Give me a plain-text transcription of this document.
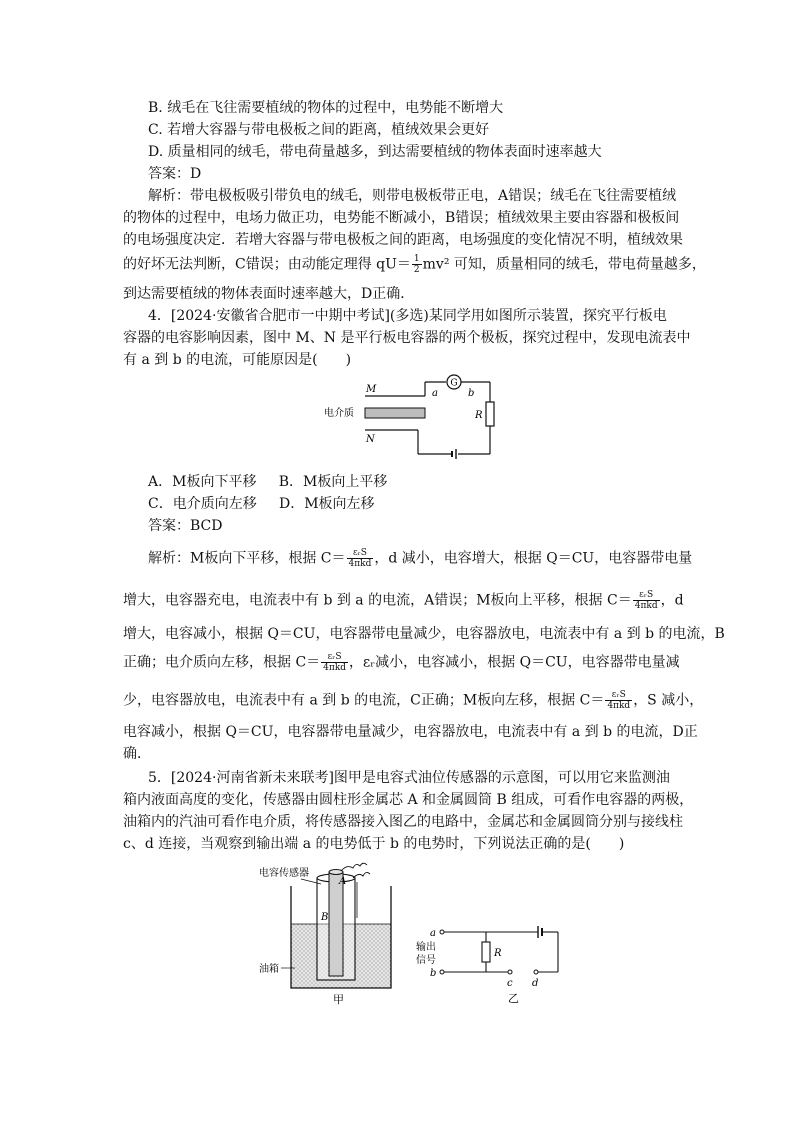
B. 绒毛在飞往需要植绒的物体的过程中，电势能不断增大
C. 若增大容器与带电极板之间的距离，植绒效果会更好
D. 质量相同的绒毛，带电荷量越多，到达需要植绒的物体表面时速率越大
答案：D
解析：带电极板吸引带负电的绒毛，则带电极板带正电，A错误；绒毛在飞往需要植绒
的物体的过程中，电场力做正功，电势能不断减小，B错误；植绒效果主要由容器和极板间
的电场强度决定．若增大容器与带电极板之间的距离，电场强度的变化情况不明，植绒效果
的好坏无法判断，C错误；由动能定理得 $qU= \frac{1}{2} mv^2$ 可知，质量相同的绒毛，带电荷量越多，
到达需要植绒的物体表面时速率越大，D正确．
4．[2024·安徽省合肥市一中期中考试](多选)某同学用如图所示装置，探究平行板电
容器的电容影响因素，图中 M、N 是平行板电容器的两个极板，探究过程中，发现电流表中
有 a 到 b 的电流，可能原因是(　　)
G
R
电介质
M
N
a	b
A．M板向下平移 B．M板向上平移
C．电介质向左移 D．M板向左移
答案：BCD
解析：M板向下平移，根据 $C= \frac{\text{εᵣS}}{\text{4πkd}}$ ，d 减小，电容增大，根据 Q＝CU，电容器带电量
增大，电容器充电，电流表中有 b 到 a 的电流，A错误；M板向上平移，根据 $C= \frac{\text{εᵣS}}{\text{4πkd}}$ ，d
增大，电容减小，根据 Q＝CU，电容器带电量减少，电容器放电，电流表中有 a 到 b 的电流，B
正确；电介质向左移，根据 $C= \frac{\text{εᵣS}}{\text{4πkd}}$ ，εᵣ减小，电容减小，根据 Q＝CU，电容器带电量减
少，电容器放电，电流表中有 a 到 b 的电流，C正确；M板向左移，根据 $C= \frac{\text{εᵣS}}{\text{4πkd}}$ ，S 减小，
电容减小，根据 Q＝CU，电容器带电量减少，电容器放电，电流表中有 a 到 b 的电流，D正
确．
5．[2024·河南省新未来联考]图甲是电容式油位传感器的示意图，可以用它来监测油
箱内液面高度的变化，传感器由圆柱形金属芯 A 和金属圆筒 B 组成，可看作电容器的两极，
油箱内的汽油可看作电介质，将传感器接入图乙的电路中，金属芯和金属圆筒分别与接线柱
c、d 连接，当观察到输出端 a 的电势低于 b 的电势时，下列说法正确的是(　　)
电容传感器
A
B
油箱
甲
R
a
b
输出
信号
c d
乙
